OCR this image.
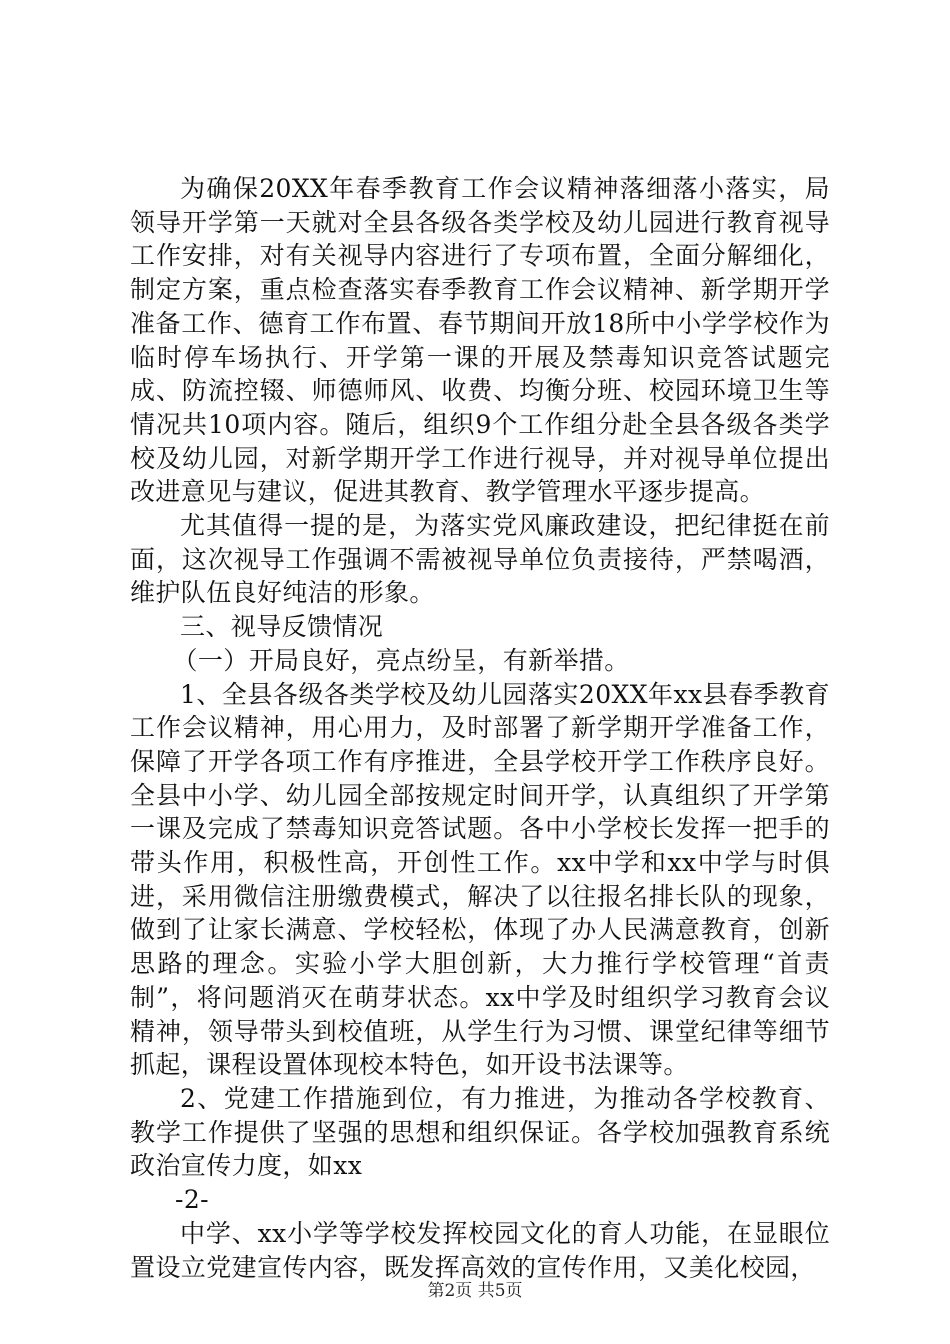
为确保20XX年春季教育工作会议精神落细落小落实，局领导开学第一天就对全县各级各类学校及幼儿园进行教育视导工作安排，对有关视导内容进行了专项布置，全面分解细化，制定方案，重点检查落实春季教育工作会议精神、新学期开学准备工作、德育工作布置、春节期间开放18所中小学学校作为临时停车场执行、开学第一课的开展及禁毒知识竞答试题完成、防流控辍、师德师风、收费、均衡分班、校园环境卫生等情况共10项内容。随后，组织9个工作组分赴全县各级各类学校及幼儿园，对新学期开学工作进行视导，并对视导单位提出改进意见与建议，促进其教育、教学管理水平逐步提高。

尤其值得一提的是，为落实党风廉政建设，把纪律挺在前面，这次视导工作强调不需被视导单位负责接待，严禁喝酒，维护队伍良好纯洁的形象。

三、视导反馈情况

（一）开局良好，亮点纷呈，有新举措。

1、全县各级各类学校及幼儿园落实20XX年xx县春季教育工作会议精神，用心用力，及时部署了新学期开学准备工作，保障了开学各项工作有序推进，全县学校开学工作秩序良好。全县中小学、幼儿园全部按规定时间开学，认真组织了开学第一课及完成了禁毒知识竞答试题。各中小学校长发挥一把手的带头作用，积极性高，开创性工作。xx中学和xx中学与时俱进，采用微信注册缴费模式，解决了以往报名排长队的现象，做到了让家长满意、学校轻松，体现了办人民满意教育，创新思路的理念。实验小学大胆创新，大力推行学校管理“首责制”，将问题消灭在萌芽状态。xx中学及时组织学习教育会议精神，领导带头到校值班，从学生行为习惯、课堂纪律等细节抓起，课程设置体现校本特色，如开设书法课等。

2、党建工作措施到位，有力推进，为推动各学校教育、教学工作提供了坚强的思想和组织保证。各学校加强教育系统政治宣传力度，如xx

-2-

中学、xx小学等学校发挥校园文化的育人功能，在显眼位置设立党建宣传内容，既发挥高效的宣传作用，又美化校园，

第2页 共5页
